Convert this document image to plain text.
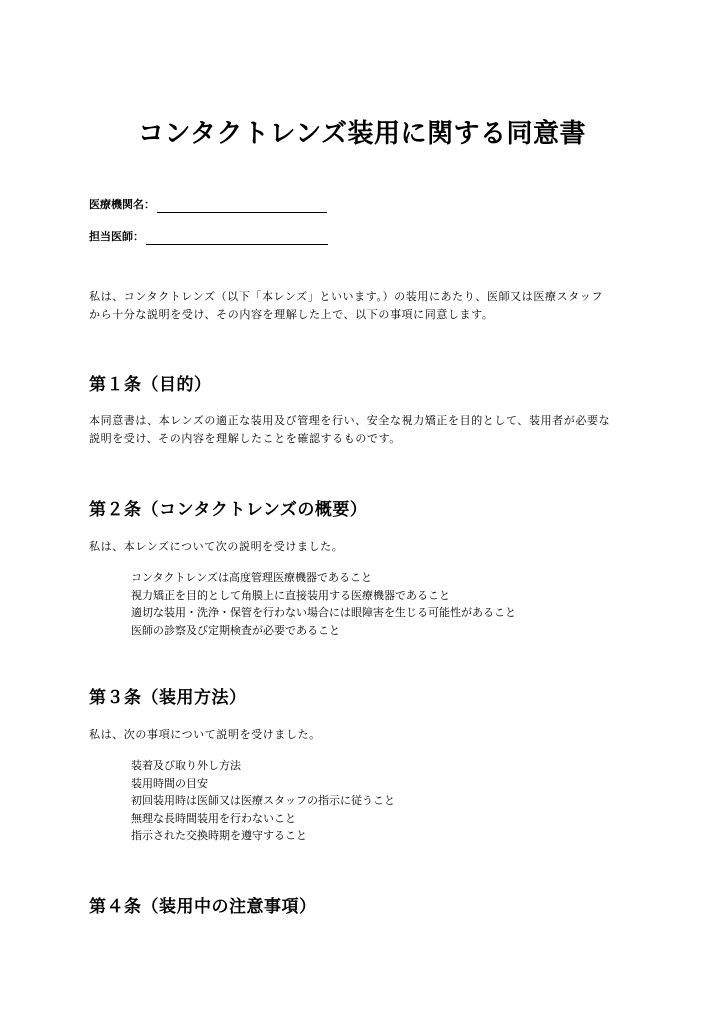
コンタクトレンズ装用に関する同意書
医療機関名：
担当医師：
私は、コンタクトレンズ（以下「本レンズ」といいます。）の装用にあたり、医師又は医療スタッフ
から十分な説明を受け、その内容を理解した上で、以下の事項に同意します。
第１条（目的）
本同意書は、本レンズの適正な装用及び管理を行い、安全な視力矯正を目的として、装用者が必要な
説明を受け、その内容を理解したことを確認するものです。
第２条（コンタクトレンズの概要）
私は、本レンズについて次の説明を受けました。
コンタクトレンズは高度管理医療機器であること
視力矯正を目的として角膜上に直接装用する医療機器であること
適切な装用・洗浄・保管を行わない場合には眼障害を生じる可能性があること
医師の診察及び定期検査が必要であること
第３条（装用方法）
私は、次の事項について説明を受けました。
装着及び取り外し方法
装用時間の目安
初回装用時は医師又は医療スタッフの指示に従うこと
無理な長時間装用を行わないこと
指示された交換時期を遵守すること
第４条（装用中の注意事項）
